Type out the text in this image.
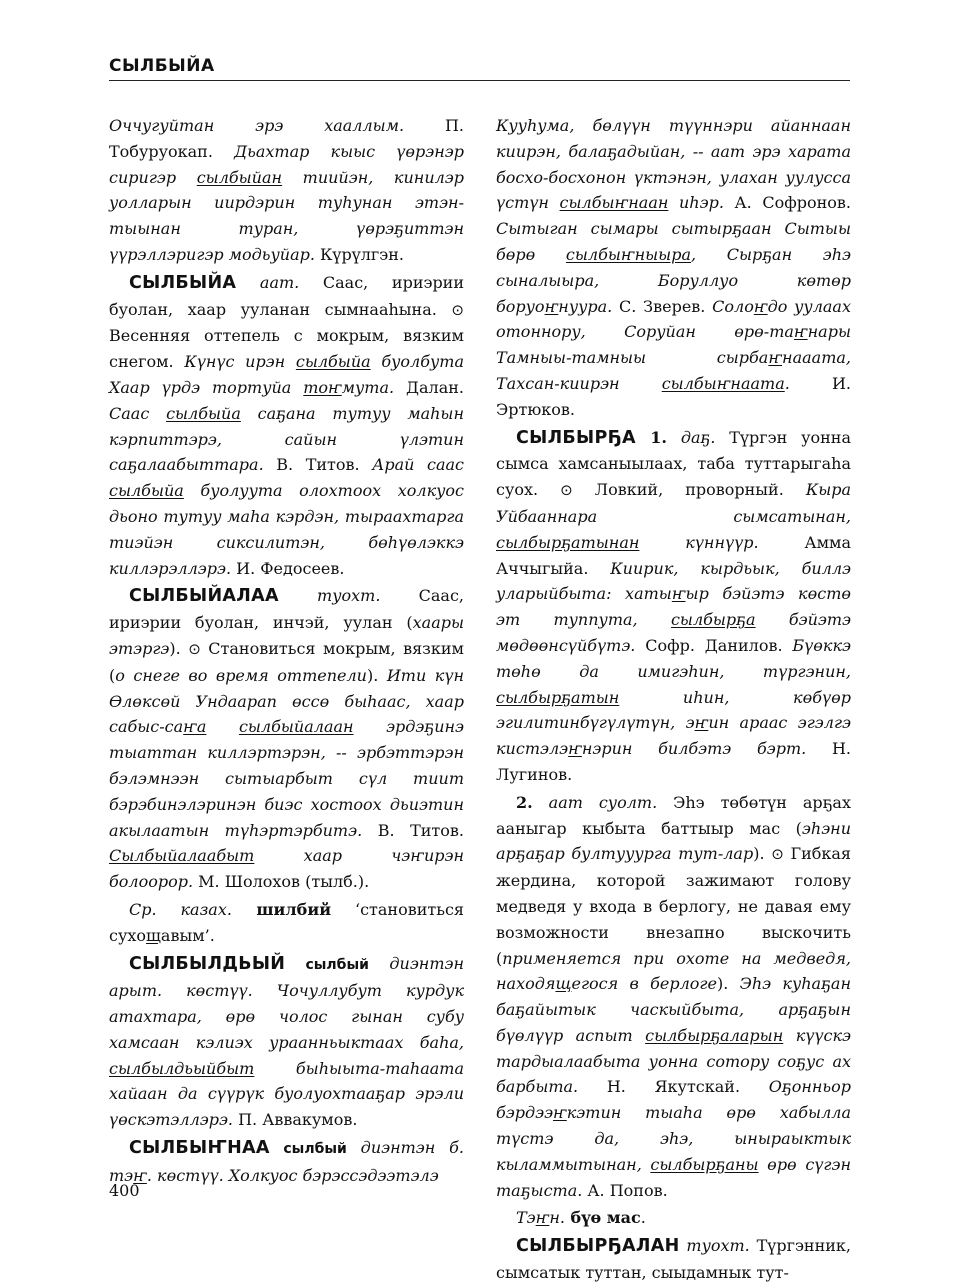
СЫЛБЫЙА

Оччугуйтан эрэ хааллым. П. Тобуруокап. Дьахтар кыыс үөрэнэр сиригэр сылбыйан тиийэн, кинилэр уолларын иирдэрин туһунан этэн-тыынан туран, үөрэҕиттэн үүрэллэригэр модьуйар. Күрүлгэн.

СЫЛБЫЙА аат. Саас, ириэрии буолан, хаар ууланан сымнааһына. ⊙ Весенняя оттепель с мокрым, вязким снегом. Күнүс ирэн сылбыйа буолбута Хаар үрдэ тортуйа тоҥмута. Далан. Саас сылбыйа саҕана тутуу маһын кэрпиттэрэ, сайын үлэтин саҕалаабыттара. В. Титов. Арай саас сылбыйа буолуута олохтоох холкуос дьоно тутуу маһа кэрдэн, тыраахтарга тиэйэн сиксилитэн, бөһүөлэккэ киллэрэллэрэ. И. Федосеев.

СЫЛБЫЙАЛАА туохт. Саас, ириэрии буолан, инчэй, уулан (хаары этэргэ). ⊙ Становиться мокрым, вязким (о снеге во время оттепели). Ити күн Өлөксөй Ундаарап өссө быһаас, хаар сабыс-саҥа сылбыйалаан эрдэҕинэ тыаттан киллэртэрэн, -- эрбэттэрэн бэлэмнээн сытыарбыт сүл тиит бэрэбинэлэринэн биэс хостоох дьиэтин акылаатын түһэртэрбитэ. В. Титов. Сылбыйалаабыт хаар чэҥирэн болоорор. М. Шолохов (тылб.).

Ср. казах. шилбий ‘становиться сухощавым’.

СЫЛБЫЛДЬЫЙ сылбый диэнтэн арыт. көстүү. Чочуллубут курдук атахтара, өрө чолос гынан субу хамсаан кэлиэх ураанньыктаах баһа, сылбылдьыйбыт быһыыта-таһаата хайаан да сүүрүк буолуохтааҕар эрэли үөскэтэллэрэ. П. Аввакумов.

СЫЛБЫҤНАА сылбый диэнтэн б. тэҥ. көстүү. Холкуос бэрэссэдээтэлэ

Кууһума, бөлүүн түүннэри айаннаан киирэн, балаҕадыйан, -- аат эрэ харата босхо-босхонон үктэнэн, улахан уулусса үстүн сылбыҥнаан иһэр. А. Софронов. Сытыган сымары сытырҕаан Сытыы бөрө сылбыҥныыра, Сырҕан эһэ сыналыыра, Боруллуо көтөр боруоҥнуура. С. Зверев. Солоҥдо уулаах отоннору, Соруйан өрө-таҥнары Тамныы-тамныы сырбаҥнааата, Тахсан-киирэн сылбыҥнаата. И. Эртюков.

СЫЛБЫРҔА 1. даҕ. Түргэн уонна сымса хамсаныылаах, таба туттарыгаһа суох. ⊙ Ловкий, проворный. Кыра Уйбааннара сымсатынан, сылбырҕатынан күннүүр. Амма Аччыгыйа. Киирик, кырдьык, биллэ уларыйбыта: хатыҥыр бэйэтэ көстө эт туппута, сылбырҕа бэйэтэ мөдөөнсүйбүтэ. Софр. Данилов. Бүөккэ төһө да имигэһин, түргэнин, сылбырҕатын иһин, көбүөр эгилитинбүгүлүтүн, эҥин араас эгэлгэ кистэлэҥнэрин билбэтэ бэрт. Н. Лугинов.

2. аат суолт. Эһэ төбөтүн арҕах ааныгар кыбыта баттыыр мас (эһэни арҕаҕар бултууурга тут-лар). ⊙ Гибкая жердина, которой зажимают голову медведя у входа в берлогу, не давая ему возможности внезапно выскочить (применяется при охоте на медведя, находящегося в берлоге). Эһэ куһаҕан баҕайытык часкыйбыта, арҕаҕын бүөлүүр аспыт сылбырҕаларын күүскэ тардыалаабыта уонна сотору соҕус ах барбыта. Н. Якутскай. Оҕонньор бэрдээҥкэтин тыаһа өрө хабылла түстэ да, эһэ, ыныраыктык кыламмытынан, сылбырҕаны өрө сүгэн таҕыста. А. Попов.

Тэҥн. бүө мас.

СЫЛБЫРҔАЛАН туохт. Түргэнник, сымсатык туттан, сыыдамнык тут-

400
